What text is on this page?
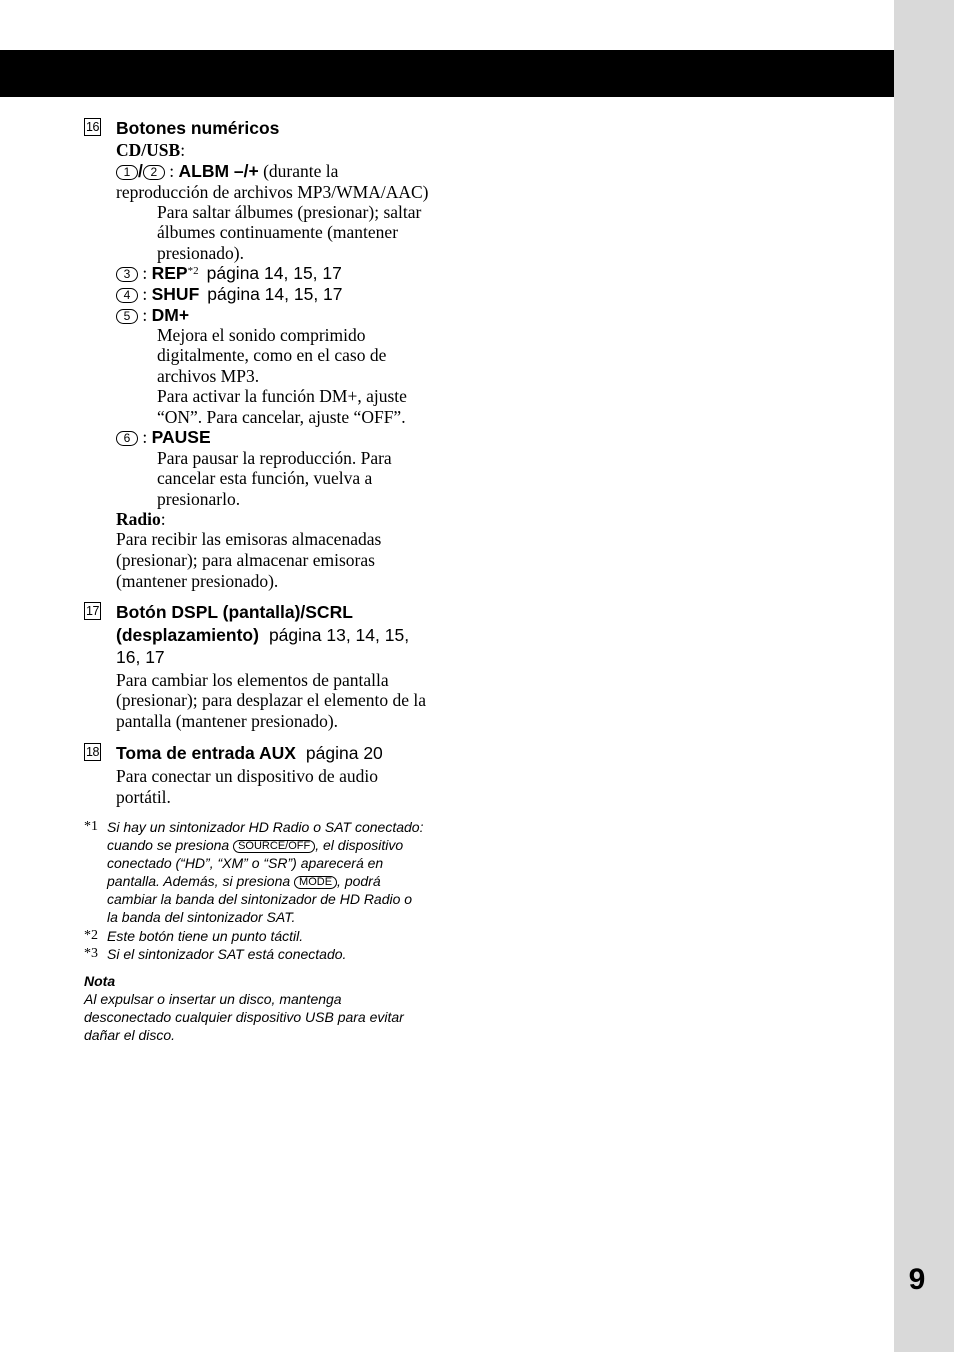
9
16 Botones numéricos
CD/USB:
1 / 2 : ALBM –/+ (durante la
reproducción de archivos MP3/WMA/AAC)
Para saltar álbumes (presionar); saltar
álbumes continuamente (mantener
presionado).
3 : REP$^{*2}$ página 14, 15, 17
4 : SHUF página 14, 15, 17
5 : DM+
Mejora el sonido comprimido
digitalmente, como en el caso de
archivos MP3.
Para activar la función DM+, ajuste
“ON”. Para cancelar, ajuste “OFF”.
6 : PAUSE
Para pausar la reproducción. Para
cancelar esta función, vuelva a
presionarlo.
Radio:
Para recibir las emisoras almacenadas
(presionar); para almacenar emisoras
(mantener presionado).
17 Botón DSPL (pantalla)/SCRL
(desplazamiento) página 13, 14, 15,
16, 17
Para cambiar los elementos de pantalla
(presionar); para desplazar el elemento de la
pantalla (mantener presionado).
18 Toma de entrada AUX página 20
Para conectar un dispositivo de audio
portátil.
*1 Si hay un sintonizador HD Radio o SAT conectado:
cuando se presiona SOURCE/OFF , el dispositivo
conectado (“HD”, “XM” o “SR”) aparecerá en
pantalla. Además, si presiona MODE , podrá
cambiar la banda del sintonizador de HD Radio o
la banda del sintonizador SAT.
*2 Este botón tiene un punto táctil.
*3 Si el sintonizador SAT está conectado.
Nota
Al expulsar o insertar un disco, mantenga
desconectado cualquier dispositivo USB para evitar
dañar el disco.
